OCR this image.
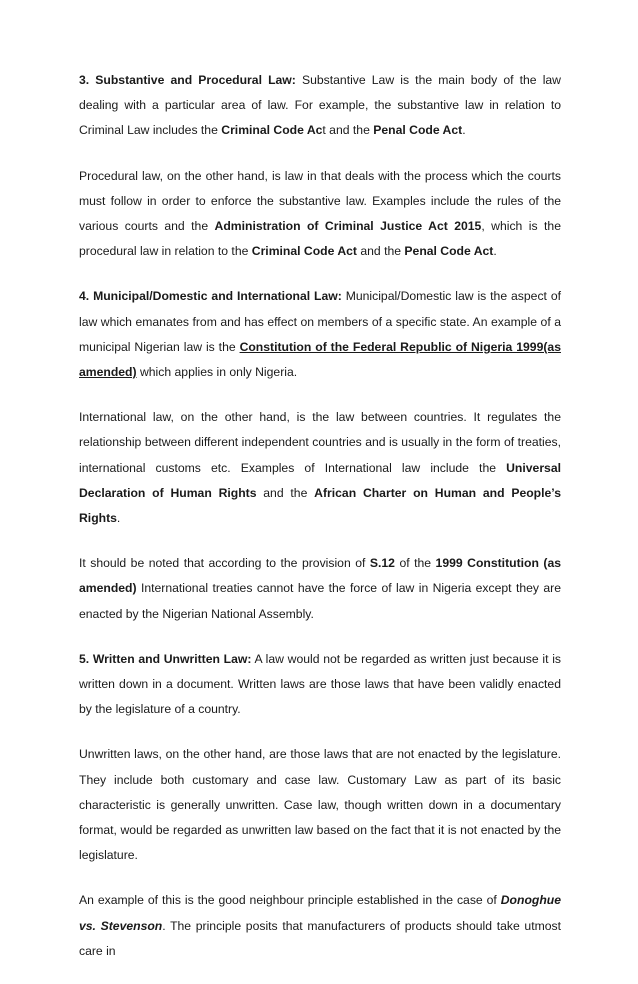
3. Substantive and Procedural Law: Substantive Law is the main body of the law dealing with a particular area of law. For example, the substantive law in relation to Criminal Law includes the Criminal Code Act and the Penal Code Act.

Procedural law, on the other hand, is law in that deals with the process which the courts must follow in order to enforce the substantive law. Examples include the rules of the various courts and the Administration of Criminal Justice Act 2015, which is the procedural law in relation to the Criminal Code Act and the Penal Code Act.

4. Municipal/Domestic and International Law: Municipal/Domestic law is the aspect of law which emanates from and has effect on members of a specific state. An example of a municipal Nigerian law is the Constitution of the Federal Republic of Nigeria 1999(as amended) which applies in only Nigeria.

International law, on the other hand, is the law between countries. It regulates the relationship between different independent countries and is usually in the form of treaties, international customs etc. Examples of International law include the Universal Declaration of Human Rights and the African Charter on Human and People’s Rights.

It should be noted that according to the provision of S.12 of the 1999 Constitution (as amended) International treaties cannot have the force of law in Nigeria except they are enacted by the Nigerian National Assembly.

5. Written and Unwritten Law: A law would not be regarded as written just because it is written down in a document. Written laws are those laws that have been validly enacted by the legislature of a country.

Unwritten laws, on the other hand, are those laws that are not enacted by the legislature. They include both customary and case law. Customary Law as part of its basic characteristic is generally unwritten. Case law, though written down in a documentary format, would be regarded as unwritten law based on the fact that it is not enacted by the legislature.

An example of this is the good neighbour principle established in the case of Donoghue vs. Stevenson. The principle posits that manufacturers of products should take utmost care in
